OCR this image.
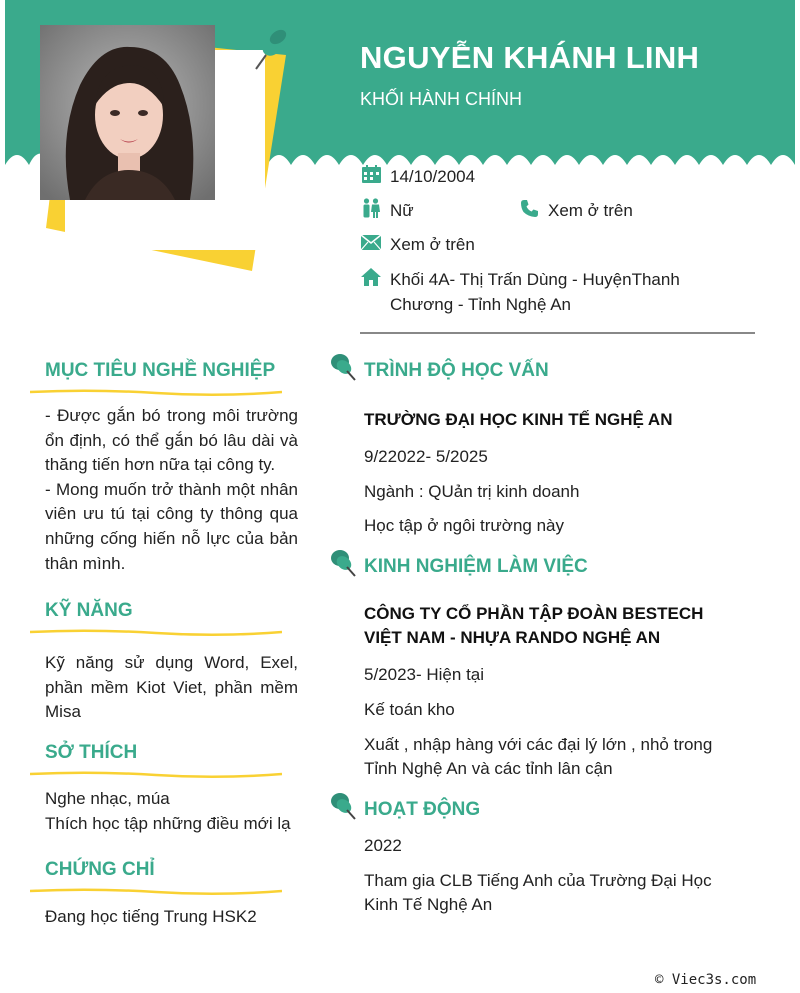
NGUYỄN KHÁNH LINH
KHỐI HÀNH CHÍNH
14/10/2004
Nữ	Xem ở trên
Xem ở trên
Khối 4A- Thị Trấn Dùng - HuyệnThanh
Chương - Tỉnh Nghệ An
MỤC TIÊU NGHỀ NGHIỆP

- Được gắn bó trong môi trường ổn định, có thể gắn bó lâu dài và thăng tiến hơn nữa tại công ty.

- Mong muốn trở thành một nhân viên ưu tú tại công ty thông qua những cống hiến nỗ lực của bản thân mình.

KỸ NĂNG
Kỹ năng sử dụng Word, Exel, phần mềm Kiot Viet, phần mềm Misa
SỞ THÍCH

Nghe nhạc, múa

Thích học tập những điều mới lạ

CHỨNG CHỈ
Đang học tiếng Trung HSK2
TRÌNH ĐỘ HỌC VẤN
TRƯỜNG ĐẠI HỌC KINH TẾ NGHỆ AN
9/22022- 5/2025
Ngành : QUản trị kinh doanh
Học tập ở ngôi trường này
KINH NGHIỆM LÀM VIỆC
CÔNG TY CỔ PHẦN TẬP ĐOÀN BESTECH VIỆT NAM - NHỰA RANDO NGHỆ AN
5/2023- Hiện tại
Kế toán kho
Xuất , nhập hàng với các đại lý lớn , nhỏ trong Tỉnh Nghệ An và các tỉnh lân cận
HOẠT ĐỘNG
2022
Tham gia CLB Tiếng Anh của Trường Đại Học Kinh Tế Nghệ An
© Viec3s.com
